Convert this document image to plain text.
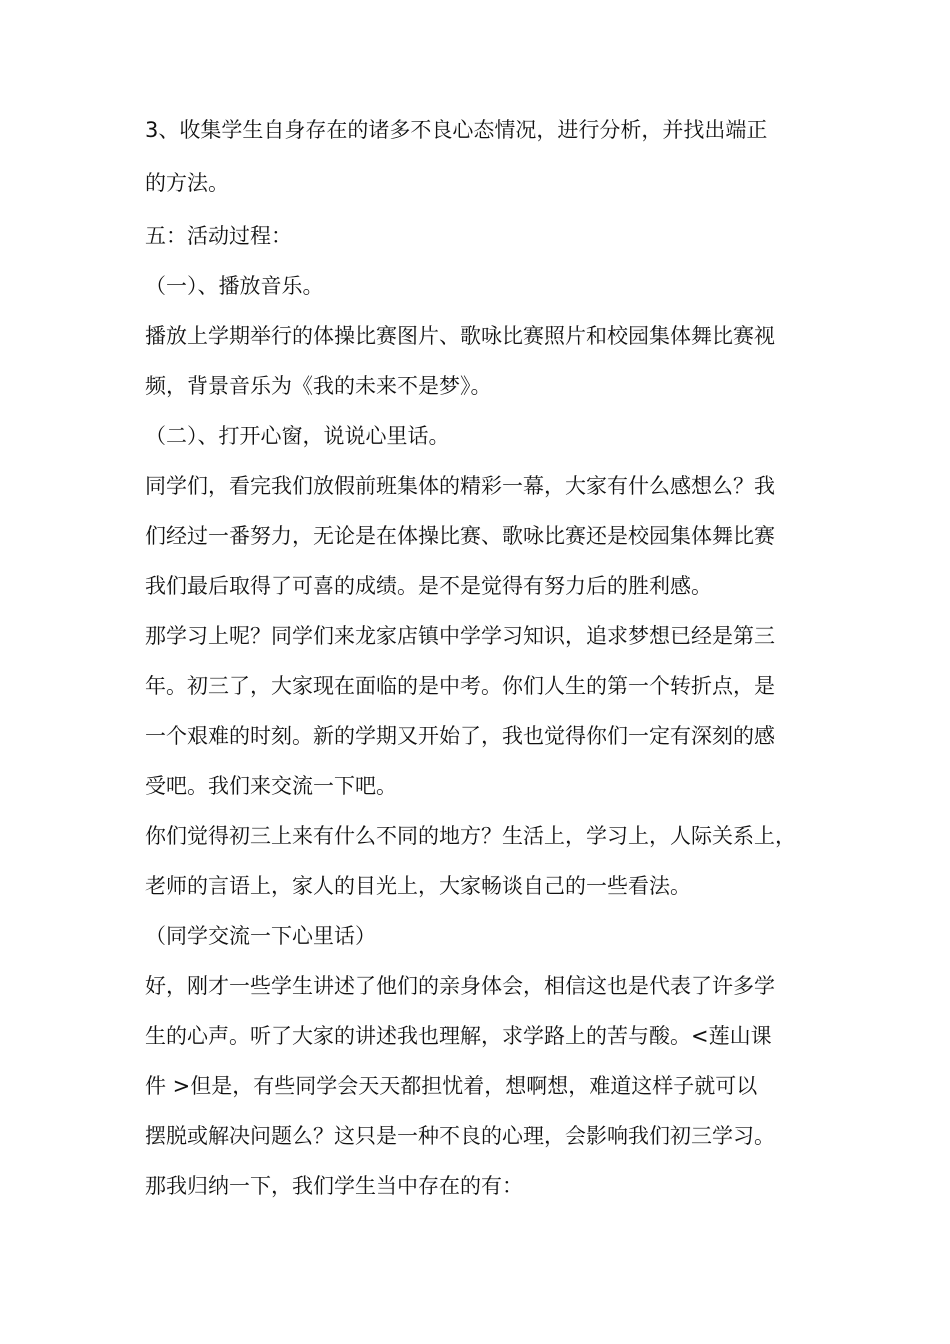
3、收集学生自身存在的诸多不良心态情况，进行分析，并找出端正
的方法。
五：活动过程：
（一）、播放音乐。
播放上学期举行的体操比赛图片、歌咏比赛照片和校园集体舞比赛视
频，背景音乐为《我的未来不是梦》。
（二）、打开心窗，说说心里话。
同学们，看完我们放假前班集体的精彩一幕，大家有什么感想么？我
们经过一番努力，无论是在体操比赛、歌咏比赛还是校园集体舞比赛
我们最后取得了可喜的成绩。是不是觉得有努力后的胜利感。
那学习上呢？同学们来龙家店镇中学学习知识，追求梦想已经是第三
年。初三了，大家现在面临的是中考。你们人生的第一个转折点，是
一个艰难的时刻。新的学期又开始了，我也觉得你们一定有深刻的感
受吧。我们来交流一下吧。
你们觉得初三上来有什么不同的地方？生活上，学习上，人际关系上，
老师的言语上，家人的目光上，大家畅谈自己的一些看法。
（同学交流一下心里话）
好，刚才一些学生讲述了他们的亲身体会，相信这也是代表了许多学
生的心声。听了大家的讲述我也理解，求学路上的苦与酸。<莲山课
件 >但是，有些同学会天天都担忧着，想啊想，难道这样子就可以
摆脱或解决问题么？这只是一种不良的心理，会影响我们初三学习。
那我归纳一下，我们学生当中存在的有：
